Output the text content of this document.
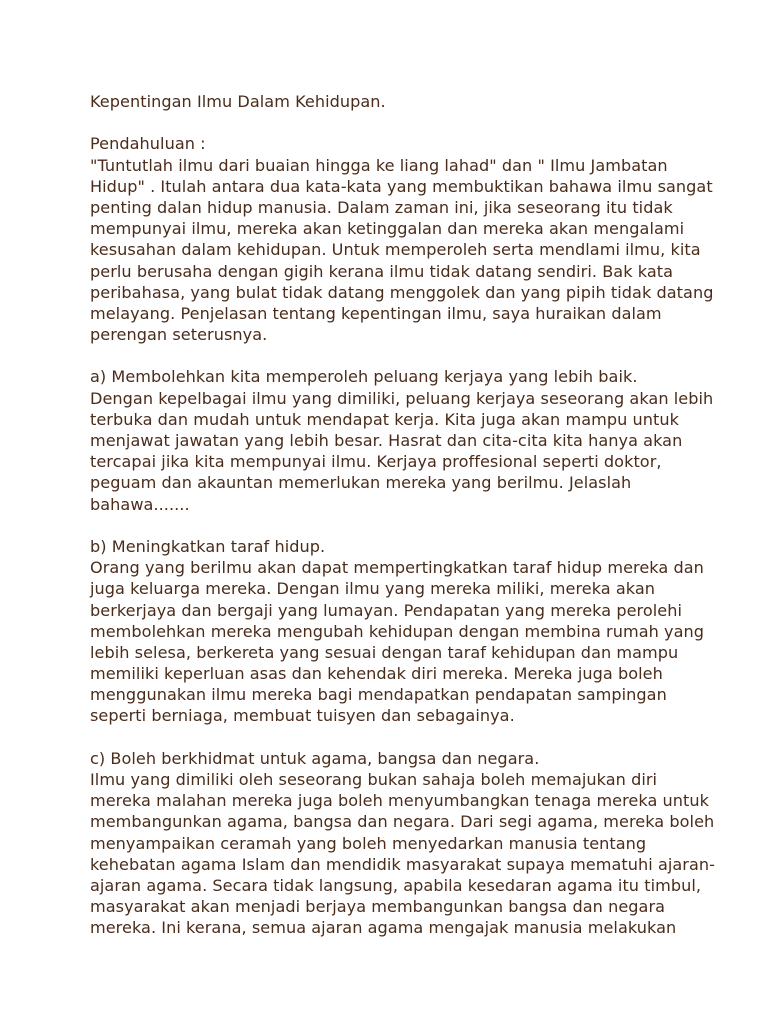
Kepentingan Ilmu Dalam Kehidupan.
Pendahuluan :
"Tuntutlah ilmu dari buaian hingga ke liang lahad" dan " Ilmu Jambatan
Hidup" . Itulah antara dua kata-kata yang membuktikan bahawa ilmu sangat
penting dalan hidup manusia. Dalam zaman ini, jika seseorang itu tidak
mempunyai ilmu, mereka akan ketinggalan dan mereka akan mengalami
kesusahan dalam kehidupan. Untuk memperoleh serta mendlami ilmu, kita
perlu berusaha dengan gigih kerana ilmu tidak datang sendiri. Bak kata
peribahasa, yang bulat tidak datang menggolek dan yang pipih tidak datang
melayang. Penjelasan tentang kepentingan ilmu, saya huraikan dalam
perengan seterusnya.
a) Membolehkan kita memperoleh peluang kerjaya yang lebih baik.
Dengan kepelbagai ilmu yang dimiliki, peluang kerjaya seseorang akan lebih
terbuka dan mudah untuk mendapat kerja. Kita juga akan mampu untuk
menjawat jawatan yang lebih besar. Hasrat dan cita-cita kita hanya akan
tercapai jika kita mempunyai ilmu. Kerjaya proffesional seperti doktor,
peguam dan akauntan memerlukan mereka yang berilmu. Jelaslah
bahawa.......
b) Meningkatkan taraf hidup.
Orang yang berilmu akan dapat mempertingkatkan taraf hidup mereka dan
juga keluarga mereka. Dengan ilmu yang mereka miliki, mereka akan
berkerjaya dan bergaji yang lumayan. Pendapatan yang mereka perolehi
membolehkan mereka mengubah kehidupan dengan membina rumah yang
lebih selesa, berkereta yang sesuai dengan taraf kehidupan dan mampu
memiliki keperluan asas dan kehendak diri mereka. Mereka juga boleh
menggunakan ilmu mereka bagi mendapatkan pendapatan sampingan
seperti berniaga, membuat tuisyen dan sebagainya.
c) Boleh berkhidmat untuk agama, bangsa dan negara.
Ilmu yang dimiliki oleh seseorang bukan sahaja boleh memajukan diri
mereka malahan mereka juga boleh menyumbangkan tenaga mereka untuk
membangunkan agama, bangsa dan negara. Dari segi agama, mereka boleh
menyampaikan ceramah yang boleh menyedarkan manusia tentang
kehebatan agama Islam dan mendidik masyarakat supaya mematuhi ajaran-
ajaran agama. Secara tidak langsung, apabila kesedaran agama itu timbul,
masyarakat akan menjadi berjaya membangunkan bangsa dan negara
mereka. Ini kerana, semua ajaran agama mengajak manusia melakukan
